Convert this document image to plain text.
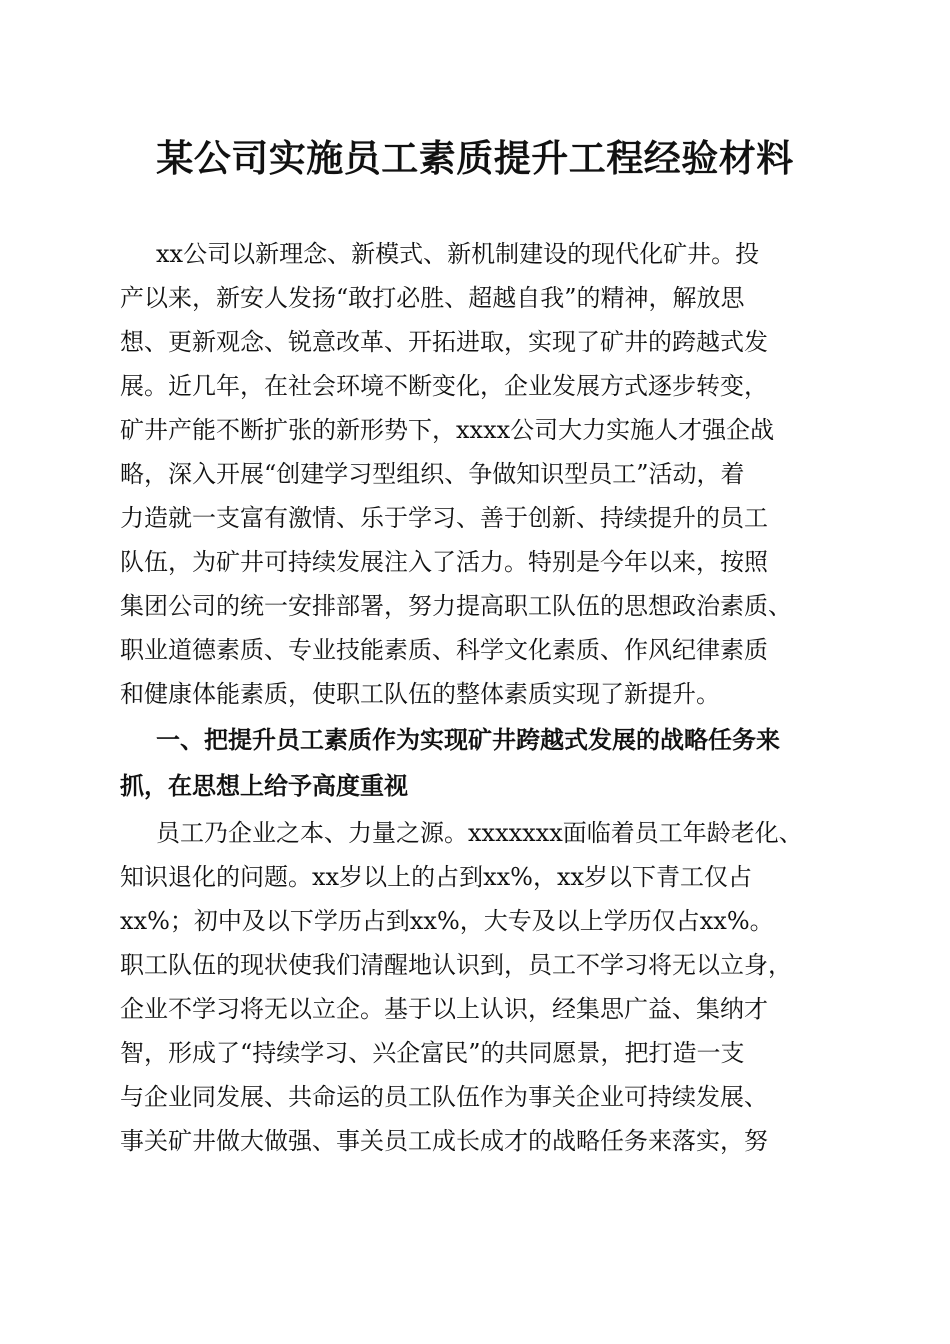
某公司实施员工素质提升工程经验材料
xx公司以新理念、新模式、新机制建设的现代化矿井。投
产以来，新安人发扬“敢打必胜、超越自我”的精神，解放思
想、更新观念、锐意改革、开拓进取，实现了矿井的跨越式发
展。近几年，在社会环境不断变化，企业发展方式逐步转变，
矿井产能不断扩张的新形势下，xxxx公司大力实施人才强企战
略，深入开展“创建学习型组织、争做知识型员工”活动，着
力造就一支富有激情、乐于学习、善于创新、持续提升的员工
队伍，为矿井可持续发展注入了活力。特别是今年以来，按照
集团公司的统一安排部署，努力提高职工队伍的思想政治素质、
职业道德素质、专业技能素质、科学文化素质、作风纪律素质
和健康体能素质，使职工队伍的整体素质实现了新提升。
一、把提升员工素质作为实现矿井跨越式发展的战略任务来
抓，在思想上给予高度重视
员工乃企业之本、力量之源。xxxxxxx面临着员工年龄老化、
知识退化的问题。xx岁以上的占到xx%，xx岁以下青工仅占
xx%；初中及以下学历占到xx%，大专及以上学历仅占xx%。
职工队伍的现状使我们清醒地认识到，员工不学习将无以立身，
企业不学习将无以立企。基于以上认识，经集思广益、集纳才
智，形成了“持续学习、兴企富民”的共同愿景，把打造一支
与企业同发展、共命运的员工队伍作为事关企业可持续发展、
事关矿井做大做强、事关员工成长成才的战略任务来落实，努
